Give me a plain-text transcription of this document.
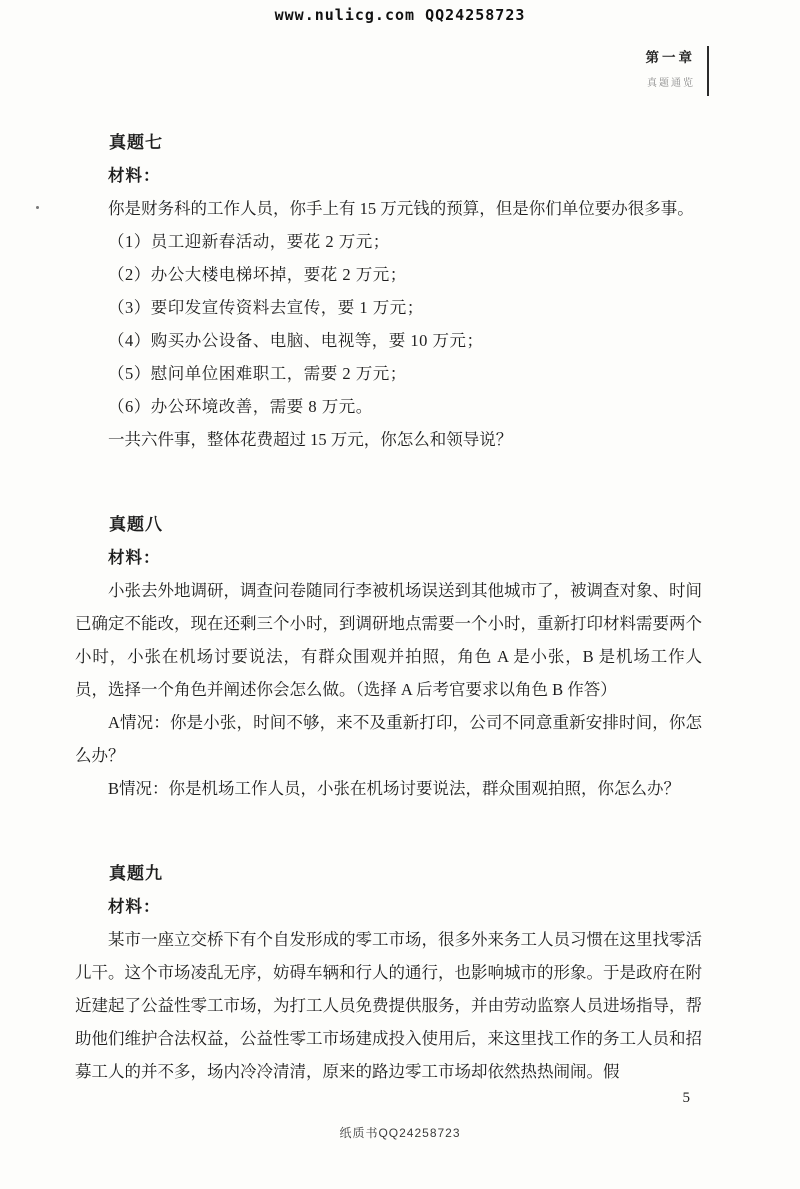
www.nulicg.com QQ24258723
第一章
真题通览

真题七

材料：

你是财务科的工作人员，你手上有 15 万元钱的预算，但是你们单位要办很多事。

（1）员工迎新春活动，要花 2 万元；

（2）办公大楼电梯坏掉，要花 2 万元；

（3）要印发宣传资料去宣传，要 1 万元；

（4）购买办公设备、电脑、电视等，要 10 万元；

（5）慰问单位困难职工，需要 2 万元；

（6）办公环境改善，需要 8 万元。

一共六件事，整体花费超过 15 万元，你怎么和领导说？

真题八

材料：

小张去外地调研，调查问卷随同行李被机场误送到其他城市了，被调查对象、时间已确定不能改，现在还剩三个小时，到调研地点需要一个小时，重新打印材料需要两个小时，小张在机场讨要说法，有群众围观并拍照，角色 A 是小张，B 是机场工作人员，选择一个角色并阐述你会怎么做。（选择 A 后考官要求以角色 B 作答）

A情况：你是小张，时间不够，来不及重新打印，公司不同意重新安排时间，你怎么办？

B情况：你是机场工作人员，小张在机场讨要说法，群众围观拍照，你怎么办？

真题九

材料：

某市一座立交桥下有个自发形成的零工市场，很多外来务工人员习惯在这里找零活儿干。这个市场凌乱无序，妨碍车辆和行人的通行，也影响城市的形象。于是政府在附近建起了公益性零工市场，为打工人员免费提供服务，并由劳动监察人员进场指导，帮助他们维护合法权益，公益性零工市场建成投入使用后，来这里找工作的务工人员和招募工人的并不多，场内冷冷清清，原来的路边零工市场却依然热热闹闹。假

5
纸质书QQ24258723
